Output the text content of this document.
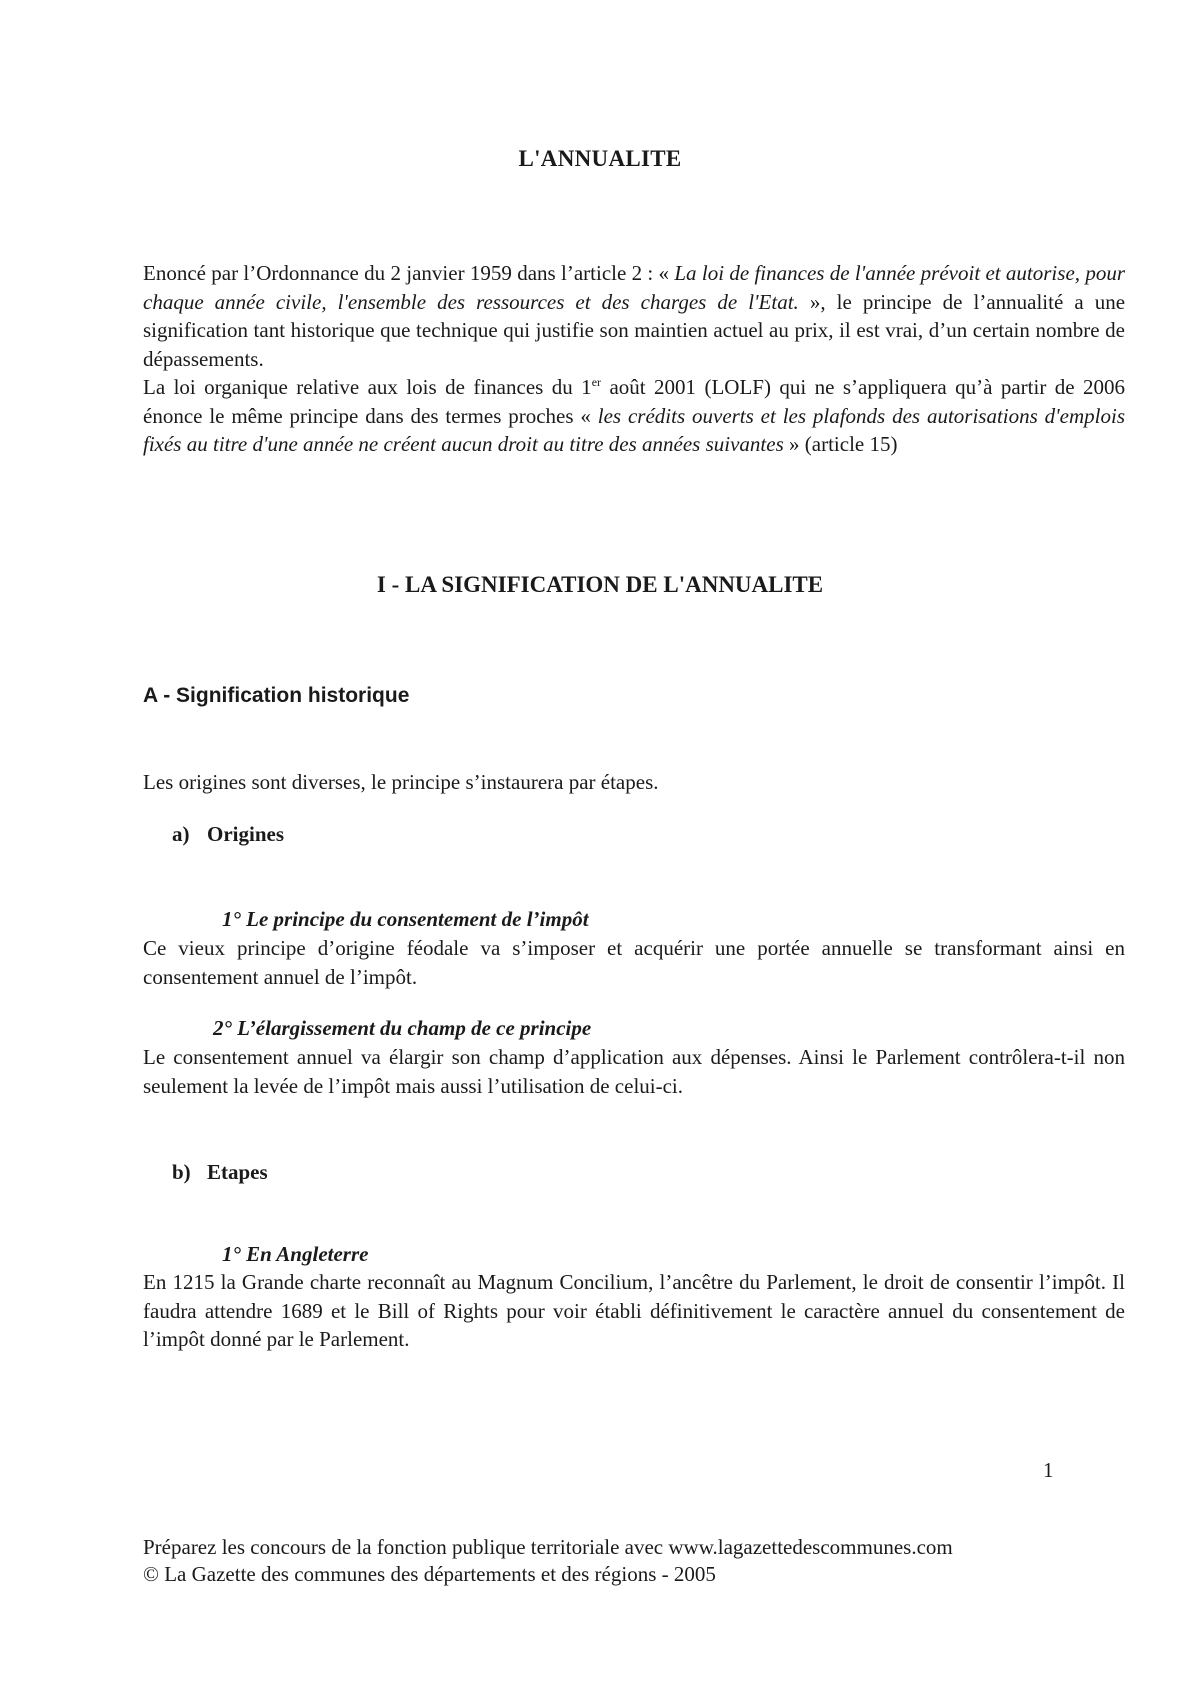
L'ANNUALITE
Enoncé par l’Ordonnance du 2 janvier 1959 dans l’article 2 : « La loi de finances de l'année prévoit et autorise, pour chaque année civile, l'ensemble des ressources et des charges de l'Etat. », le principe de l’annualité a une signification tant historique que technique qui justifie son maintien actuel au prix, il est vrai, d’un certain nombre de dépassements.
La loi organique relative aux lois de finances du 1er août 2001 (LOLF) qui ne s’appliquera qu’à partir de 2006 énonce le même principe dans des termes proches « les crédits ouverts et les plafonds des autorisations d'emplois fixés au titre d'une année ne créent aucun droit au titre des années suivantes » (article 15)
I - LA SIGNIFICATION DE L'ANNUALITE
A - Signification historique
Les origines sont diverses, le principe s’instaurera par étapes.
a) Origines
1° Le principe du consentement de l’impôt
Ce vieux principe d’origine féodale va s’imposer et acquérir une portée annuelle se transformant ainsi en consentement annuel de l’impôt.
2° L’élargissement du champ de ce principe
Le consentement annuel va élargir son champ d’application aux dépenses. Ainsi le Parlement contrôlera-t-il non seulement la levée de l’impôt mais aussi l’utilisation de celui-ci.
b) Etapes
1° En Angleterre
En 1215 la Grande charte reconnaît au Magnum Concilium, l’ancêtre du Parlement, le droit de consentir l’impôt. Il faudra attendre 1689 et le Bill of Rights pour voir établi définitivement le caractère annuel du consentement de l’impôt donné par le Parlement.
1
Préparez les concours de la fonction publique territoriale avec www.lagazettedescommunes.com
© La Gazette des communes des départements et des régions - 2005
